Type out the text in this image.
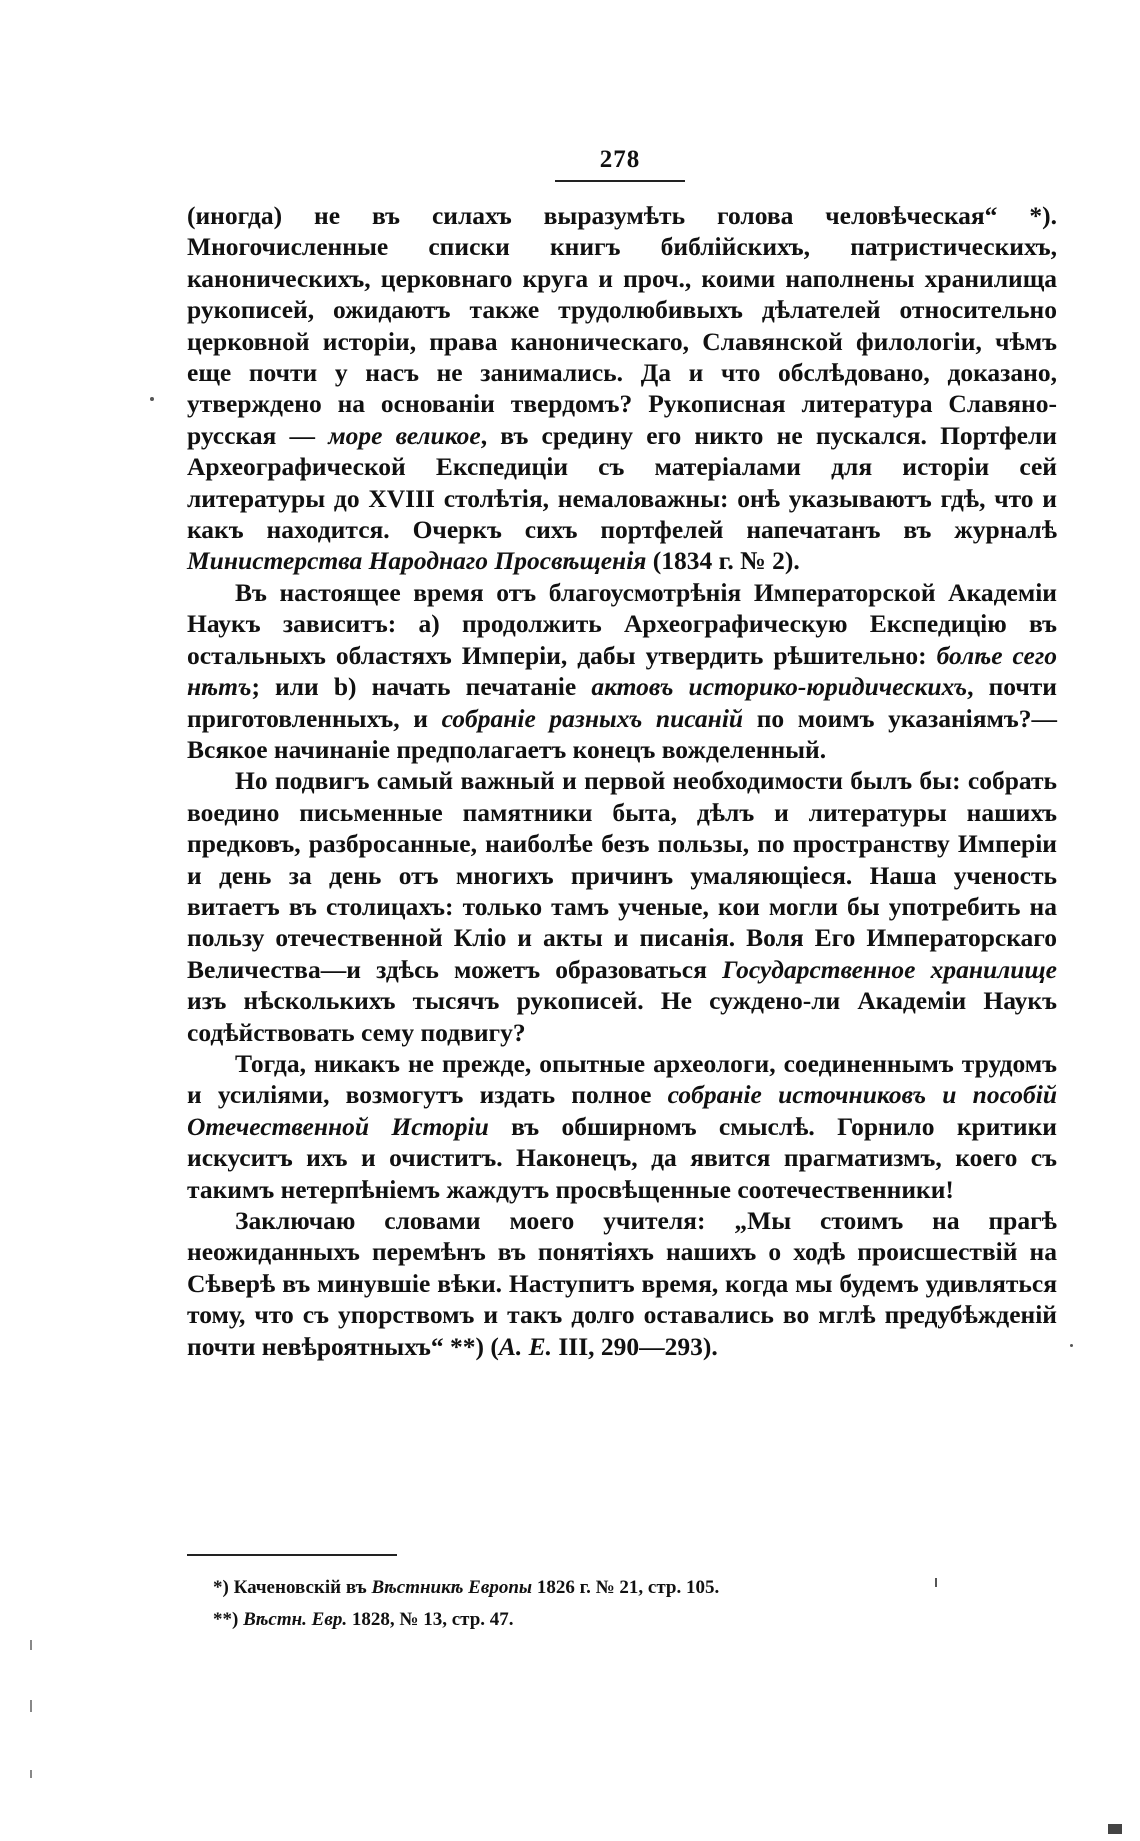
278

(иногда) не въ силахъ выразумѣть голова человѣческая“ *). Многочисленные списки книгъ библійскихъ, патристическихъ, каноническихъ, церковнаго круга и проч., коими наполнены хранилища рукописей, ожидаютъ также трудолюбивыхъ дѣлателей относительно церковной исторіи, права каноническаго, Славянской филологіи, чѣмъ еще почти у насъ не занимались. Да и что обслѣдовано, доказано, утверждено на основаніи твердомъ? Рукописная литература Славяно-русская — море великое, въ средину его никто не пускался. Портфели Археографической Експедиціи съ матеріалами для исторіи сей литературы до XVIII столѣтія, немаловажны: онѣ указываютъ гдѣ, что и какъ находится. Очеркъ сихъ портфелей напечатанъ въ журналѣ Министерства Народнаго Просвѣщенія (1834 г. № 2).

Въ настоящее время отъ благоусмотрѣнія Императорской Академіи Наукъ зависитъ: a) продолжить Археографическую Експедицію въ остальныхъ областяхъ Имперіи, дабы утвердить рѣшительно: болѣе сего нѣтъ; или b) начать печатаніе актовъ историко-юридическихъ, почти приготовленныхъ, и собраніе разныхъ писаній по моимъ указаніямъ?—Всякое начинаніе предполагаетъ конецъ вожделенный.

Но подвигъ самый важный и первой необходимости былъ бы: собрать воедино письменные памятники быта, дѣлъ и литературы нашихъ предковъ, разбросанные, наиболѣе безъ пользы, по пространству Имперіи и день за день отъ многихъ причинъ умаляющіеся. Наша ученость витаетъ въ столицахъ: только тамъ ученые, кои могли бы употребить на пользу отечественной Кліо и акты и писанія. Воля Его Императорскаго Величества—и здѣсь можетъ образоваться Государственное хранилище изъ нѣсколькихъ тысячъ рукописей. Не суждено-ли Академіи Наукъ содѣйствовать сему подвигу?

Тогда, никакъ не прежде, опытные археологи, соединеннымъ трудомъ и усиліями, возмогутъ издать полное собраніе источниковъ и пособій Отечественной Исторіи въ обширномъ смыслѣ. Горнило критики искуситъ ихъ и очиститъ. Наконецъ, да явится прагматизмъ, коего съ такимъ нетерпѣніемъ жаждутъ просвѣщенные соотечественники!

Заключаю словами моего учителя: „Мы стоимъ на прагѣ неожиданныхъ перемѣнъ въ понятіяхъ нашихъ о ходѣ происшествій на Сѣверѣ въ минувшіе вѣки. Наступитъ время, когда мы будемъ удивляться тому, что съ упорствомъ и такъ долго оставались во мглѣ предубѣжденій почти невѣроятныхъ“ **) (А. Е. III, 290—293).

*) Каченовскій въ Вѣстникѣ Европы 1826 г. № 21, стр. 105.

**) Вѣстн. Евр. 1828, № 13, стр. 47.
